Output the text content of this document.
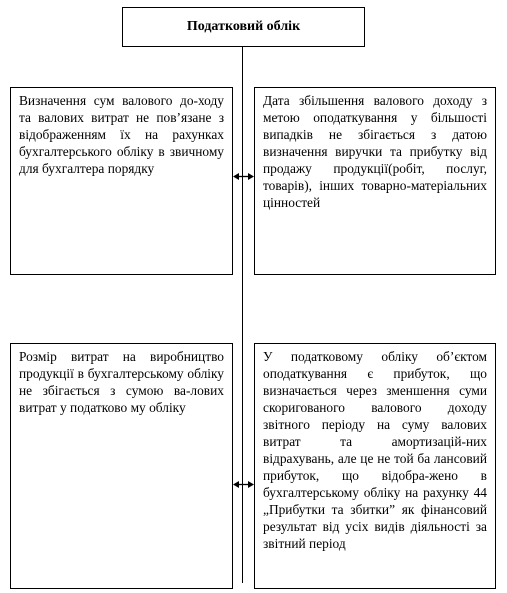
Податковий облік
Визначення сум валового до-ходу та валових витрат не пов’язане з відображенням їх на рахунках бухгалтерського обліку в звичному для бухгалтера порядку
Дата збільшення валового доходу з метою оподаткування у більшості випадків не збігається з датою визначення виручки та прибутку від продажу продукції(робіт, послуг, товарів), інших товарно-матеріальних цінностей
Розмір витрат на виробництво продукції в бухгалтерському обліку не збігається з сумою ва-лових витрат у податково му обліку
У податковому обліку об’єктом оподаткування є прибуток, що визначається через зменшення суми скоригованого валового доходу звітного періоду на суму валових витрат та амортизацій-них відрахувань, але це не той ба лансовий прибуток, що відобра-жено в бухгалтерському обліку на рахунку 44 „Прибутки та збитки” як фінансовий результат від усіх видів діяльності за звітний період
